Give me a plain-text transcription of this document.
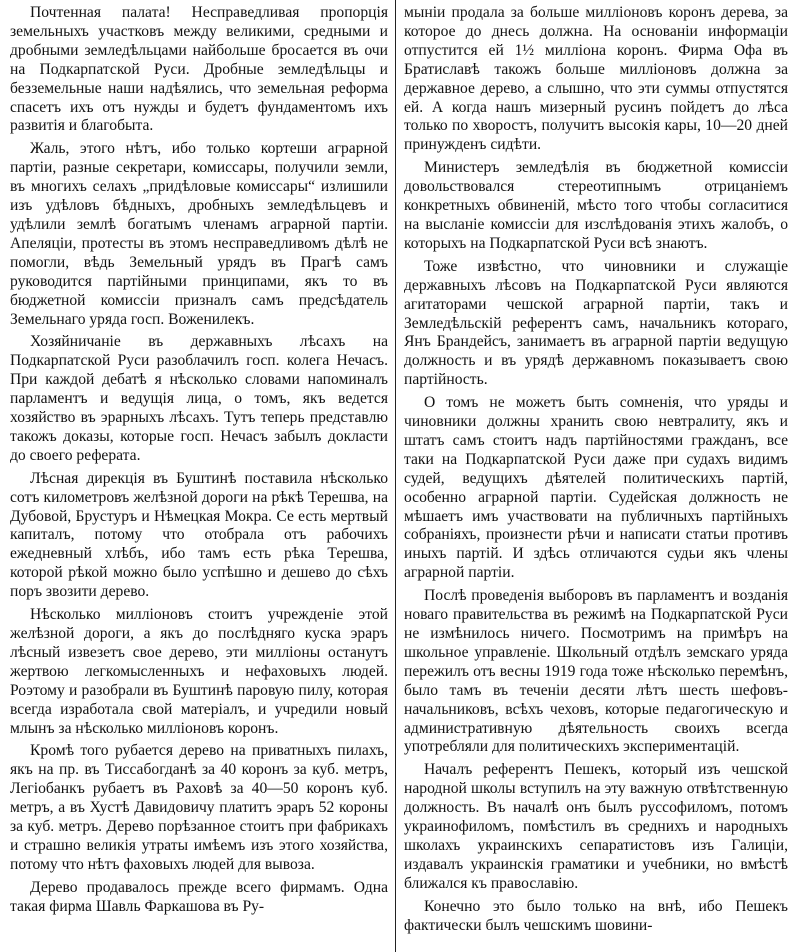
Почтенная палата! Несправедливая пропорція земельныхъ участковъ между великими, средными и дробными земледѣльцами найбольше бросается въ очи на Подкарпатской Руси. Дробные земледѣльцы и безземельные наши надѣялись, что земельная реформа спасетъ ихъ отъ нужды и будетъ фундаментомъ ихъ развитія и благобыта.

Жаль, этого нѣтъ, ибо только кортеши аграрной партіи, разные секретари, комиссары, получили земли, въ многихъ селахъ „придѣловые комиссары“ излишили изъ удѣловъ бѣдныхъ, дробныхъ земледѣльцевъ и удѣлили землѣ богатымъ членамъ аграрной партіи. Апеляціи, протесты въ этомъ несправедливомъ дѣлѣ не помогли, вѣдь Земельный урядъ въ Прагѣ самъ руководится партійными принципами, якъ то въ бюджетной комиссіи призналъ самъ предсѣдатель Земельнаго уряда госп. Воженилекъ.

Хозяйничаніе въ державныхъ лѣсахъ на Подкарпатской Руси разоблачилъ госп. колега Нечасъ. При каждой дебатѣ я нѣсколько словами напоминалъ парламентъ и ведущія лица, о томъ, якъ ведется хозяйство въ эрарныхъ лѣсахъ. Тутъ теперь представлю такожъ доказы, которые госп. Нечасъ забылъ докласти до своего реферата.

Лѣсная дирекція въ Буштинѣ поставила нѣсколько сотъ километровъ желѣзной дороги на рѣкѣ Терешва, на Дубовой, Брустуръ и Нѣмецкая Мокра. Се есть мертвый капиталъ, потому что отобрала отъ рабочихъ ежедневный хлѣбъ, ибо тамъ есть рѣка Терешва, которой рѣкой можно было успѣшно и дешево до сѣхъ поръ звозити дерево.

Нѣсколько милліоновъ стоитъ учрежденіе этой желѣзной дороги, а якъ до послѣдняго куска эраръ лѣсный извезетъ свое дерево, эти милліоны останутъ жертвою легкомысленныхъ и нефаховыхъ людей. Роэтому и разобрали въ Буштинѣ паровую пилу, которая всегда изработала свой матеріалъ, и учредили новый млынъ за нѣсколько милліоновъ коронъ.

Кромѣ того рубается дерево на приватныхъ пилахъ, якъ на пр. въ Тиссабогданѣ за 40 коронъ за куб. метръ, Легіобанкъ рубаетъ въ Раховѣ за 40—50 коронъ куб. метръ, а въ Хустѣ Давидовичу платитъ эраръ 52 короны за куб. метръ. Дерево порѣзанное стоитъ при фабрикахъ и страшно великія утраты имѣемъ изъ этого хозяйства, потому что нѣтъ фаховыхъ людей для вывоза.

Дерево продавалось прежде всего фирмамъ. Одна такая фирма Шавль Фаркашова въ Ру-

мыніи продала за больше милліоновъ коронъ дерева, за которое до днесь должна. На основаніи информаціи отпустится ей 1½ милліона коронъ. Фирма Офа въ Братиславѣ такожъ больше милліоновъ должна за державное дерево, а слышно, что эти суммы отпустятся ей. А когда нашъ мизерный русинъ пойдетъ до лѣса только по хворостъ, получитъ высокія кары, 10—20 дней принужденъ сидѣти.

Министеръ земледѣлія въ бюджетной комиссіи довольствовался стереотипнымъ отрицаніемъ конкретныхъ обвиненій, мѣсто того чтобы согласитися на высланіе комиссіи для изслѣдованія этихъ жалобъ, о которыхъ на Подкарпатской Руси всѣ знаютъ.

Тоже извѣстно, что чиновники и служащіе державныхъ лѣсовъ на Подкарпатской Руси являются агитаторами чешской аграрной партіи, такъ и Земледѣльскій референтъ самъ, начальникъ котораго, Янъ Брандейсъ, занимаетъ въ аграрной партіи ведущую должность и въ урядѣ державномъ показываетъ свою партійность.

О томъ не можетъ быть сомненія, что уряды и чиновники должны хранить свою невтралиту, якъ и штатъ самъ стоитъ надъ партійностями гражданъ, все таки на Подкарпатской Руси даже при судахъ видимъ судей, ведущихъ дѣятелей политическихъ партій, особенно аграрной партіи. Судейская должность не мѣшаетъ имъ участвовати на публичныхъ партійныхъ собраніяхъ, произнести рѣчи и написати статьи противъ иныхъ партій. И здѣсь отличаются судьи якъ члены аграрной партіи.

Послѣ проведенія выборовъ въ парламентъ и возданія новаго правительства въ режимѣ на Подкарпатской Руси не измѣнилось ничего. Посмотримъ на примѣръ на школьное управленіе. Школьный отдѣлъ земскаго уряда пережилъ отъ весны 1919 года тоже нѣсколько перемѣнъ, было тамъ въ теченіи десяти лѣтъ шесть шефовъ-начальниковъ, всѣхъ чеховъ, которые педагогическую и административную дѣятельность своихъ всегда употребляли для политическихъ экспериментацій.

Началъ референтъ Пешекъ, который изъ чешской народной школы вступилъ на эту важную отвѣтственную должность. Въ началѣ онъ былъ руссофиломъ, потомъ украинофиломъ, помѣстилъ въ среднихъ и народныхъ школахъ украинскихъ сепаратистовъ изъ Галиціи, издавалъ украинскія граматики и учебники, но вмѣстѣ ближался къ православію.

Конечно это было только на внѣ, ибо Пешекъ фактически былъ чешскимъ шовини-
